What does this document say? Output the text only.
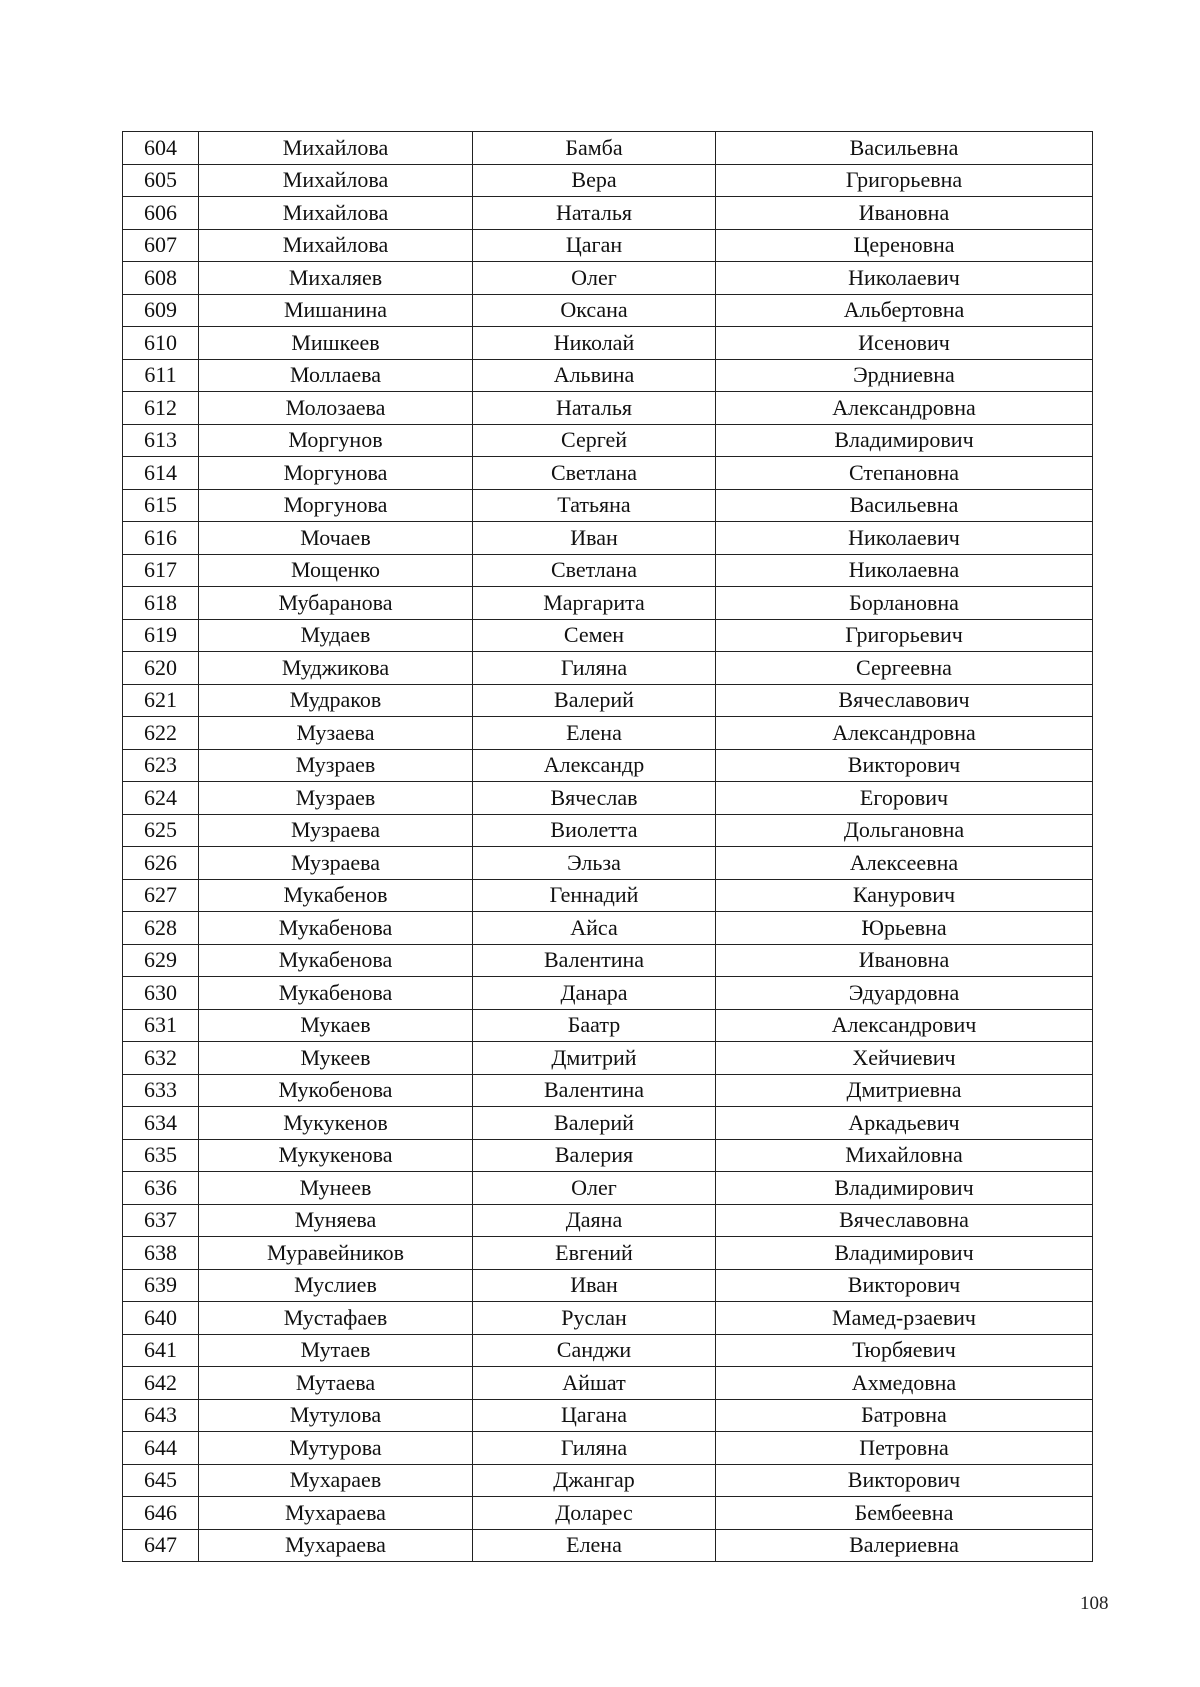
604	Михайлова	Бамба	Васильевна
605	Михайлова	Вера	Григорьевна
606	Михайлова	Наталья	Ивановна
607	Михайлова	Цаган	Цереновна
608	Михаляев	Олег	Николаевич
609	Мишанина	Оксана	Альбертовна
610	Мишкеев	Николай	Исенович
611	Моллаева	Альвина	Эрдниевна
612	Молозаева	Наталья	Александровна
613	Моргунов	Сергей	Владимирович
614	Моргунова	Светлана	Степановна
615	Моргунова	Татьяна	Васильевна
616	Мочаев	Иван	Николаевич
617	Мощенко	Светлана	Николаевна
618	Мубаранова	Маргарита	Борлановна
619	Мудаев	Семен	Григорьевич
620	Муджикова	Гиляна	Сергеевна
621	Мудраков	Валерий	Вячеславович
622	Музаева	Елена	Александровна
623	Музраев	Александр	Викторович
624	Музраев	Вячеслав	Егорович
625	Музраева	Виолетта	Дольгановна
626	Музраева	Эльза	Алексеевна
627	Мукабенов	Геннадий	Канурович
628	Мукабенова	Айса	Юрьевна
629	Мукабенова	Валентина	Ивановна
630	Мукабенова	Данара	Эдуардовна
631	Мукаев	Баатр	Александрович
632	Мукеев	Дмитрий	Хейчиевич
633	Мукобенова	Валентина	Дмитриевна
634	Мукукенов	Валерий	Аркадьевич
635	Мукукенова	Валерия	Михайловна
636	Мунеев	Олег	Владимирович
637	Муняева	Даяна	Вячеславовна
638	Муравейников	Евгений	Владимирович
639	Муслиев	Иван	Викторович
640	Мустафаев	Руслан	Мамед-рзаевич
641	Мутаев	Санджи	Тюрбяевич
642	Мутаева	Айшат	Ахмедовна
643	Мутулова	Цагана	Батровна
644	Мутурова	Гиляна	Петровна
645	Мухараев	Джангар	Викторович
646	Мухараева	Доларес	Бембеевна
647	Мухараева	Елена	Валериевна
108
